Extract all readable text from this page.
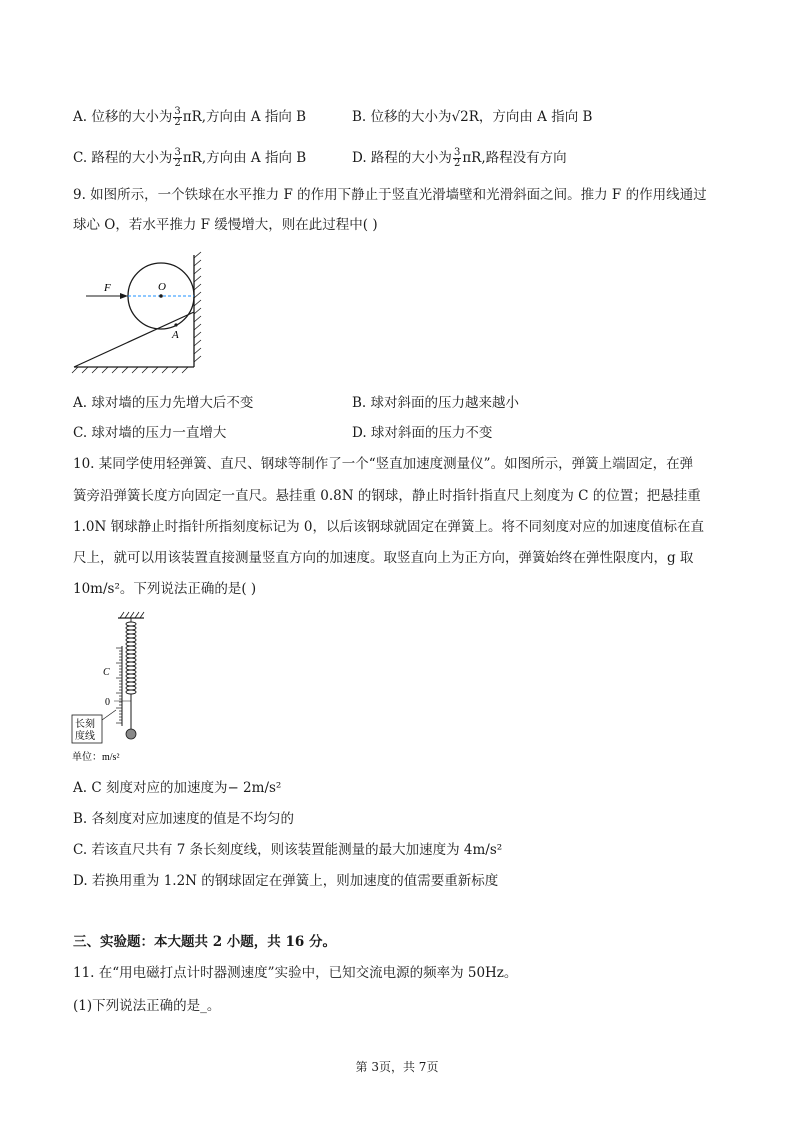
A. 位移的大小为 $\frac{3}{2} \pi R$,方向由 A 指向 B	B. 位移的大小为√2R，方向由 A 指向 B
C. 路程的大小为 $\frac{3}{2} \pi R$,方向由 A 指向 B	D. 路程的大小为 $\frac{3}{2} \pi R$,路程没有方向
9. 如图所示，一个铁球在水平推力 F 的作用下静止于竖直光滑墙壁和光滑斜面之间。推力 F 的作用线通过
球心 O，若水平推力 F 缓慢增大，则在此过程中( )
F	O
A
A. 球对墙的压力先增大后不变	B. 球对斜面的压力越来越小
C. 球对墙的压力一直增大	D. 球对斜面的压力不变
10. 某同学使用轻弹簧、直尺、钢球等制作了一个“竖直加速度测量仪”。如图所示，弹簧上端固定，在弹
簧旁沿弹簧长度方向固定一直尺。悬挂重 0.8N 的钢球，静止时指针指直尺上刻度为 C 的位置；把悬挂重
1.0N 钢球静止时指针所指刻度标记为 0，以后该钢球就固定在弹簧上。将不同刻度对应的加速度值标在直
尺上，就可以用该装置直接测量竖直方向的加速度。取竖直向上为正方向，弹簧始终在弹性限度内，g 取
10m/s²。下列说法正确的是( )
C
0
长刻
度线
单位：m/s²
A. C 刻度对应的加速度为− 2m/s²
B. 各刻度对应加速度的值是不均匀的
C. 若该直尺共有 7 条长刻度线，则该装置能测量的最大加速度为 4m/s²
D. 若换用重为 1.2N 的钢球固定在弹簧上，则加速度的值需要重新标度
三、实验题：本大题共 2 小题，共 16 分。
11. 在“用电磁打点计时器测速度”实验中，已知交流电源的频率为 50Hz。
(1)下列说法正确的是_。
第 3页，共 7页
